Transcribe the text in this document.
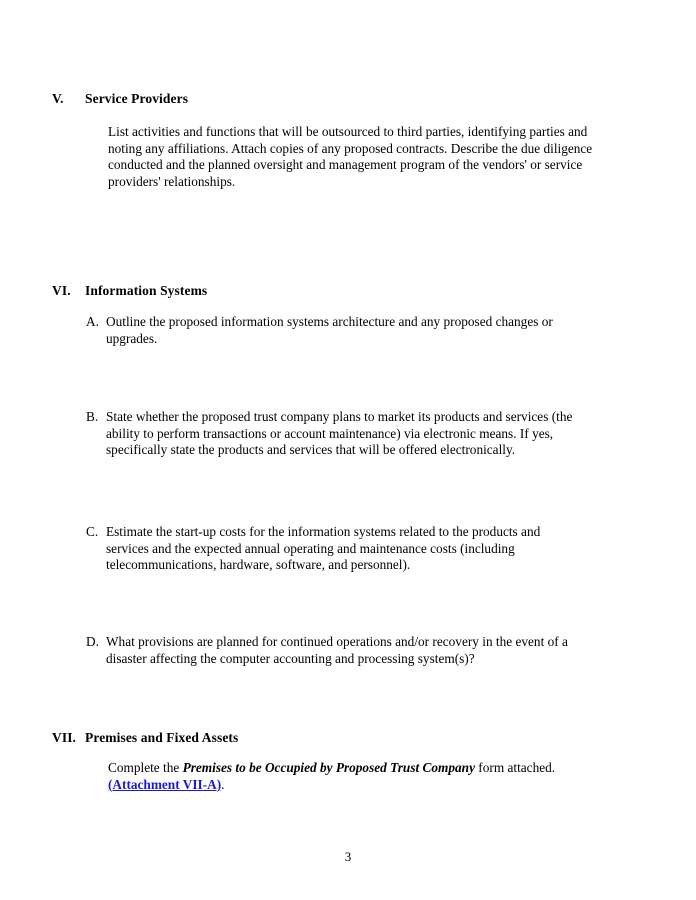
V.	Service Providers
List activities and functions that will be outsourced to third parties, identifying parties and noting any affiliations. Attach copies of any proposed contracts. Describe the due diligence conducted and the planned oversight and management program of the vendors' or service providers' relationships.
VI.	Information Systems
A. Outline the proposed information systems architecture and any proposed changes or upgrades.
B. State whether the proposed trust company plans to market its products and services (the ability to perform transactions or account maintenance) via electronic means. If yes, specifically state the products and services that will be offered electronically.
C. Estimate the start-up costs for the information systems related to the products and services and the expected annual operating and maintenance costs (including telecommunications, hardware, software, and personnel).
D. What provisions are planned for continued operations and/or recovery in the event of a disaster affecting the computer accounting and processing system(s)?
VII. Premises and Fixed Assets
Complete the Premises to be Occupied by Proposed Trust Company form attached.
(Attachment VII-A).
3
